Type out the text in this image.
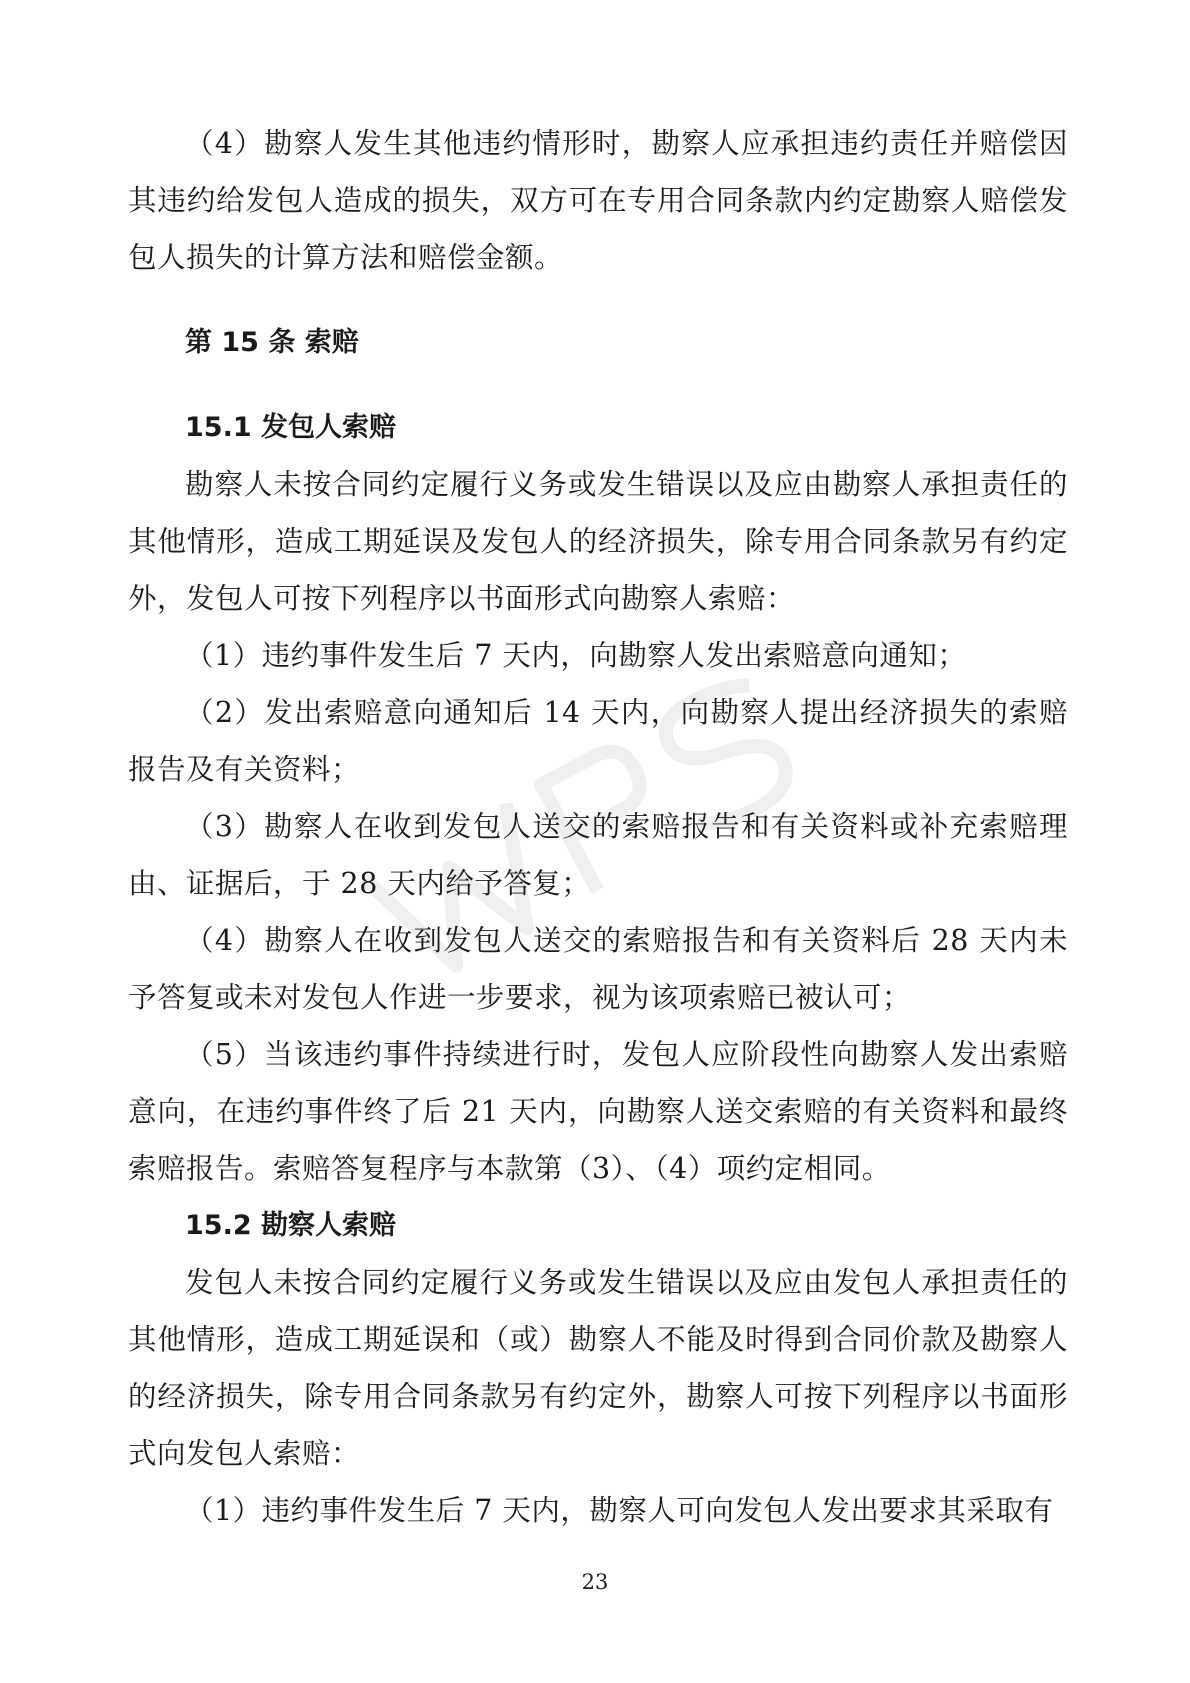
（4）勘察人发生其他违约情形时，勘察人应承担违约责任并赔偿因其违约给发包人造成的损失，双方可在专用合同条款内约定勘察人赔偿发包人损失的计算方法和赔偿金额。

第 15 条 索赔

15.1 发包人索赔

勘察人未按合同约定履行义务或发生错误以及应由勘察人承担责任的其他情形，造成工期延误及发包人的经济损失，除专用合同条款另有约定外，发包人可按下列程序以书面形式向勘察人索赔：

（1）违约事件发生后 7 天内，向勘察人发出索赔意向通知；

（2）发出索赔意向通知后 14 天内，向勘察人提出经济损失的索赔报告及有关资料；

（3）勘察人在收到发包人送交的索赔报告和有关资料或补充索赔理由、证据后，于 28 天内给予答复；

（4）勘察人在收到发包人送交的索赔报告和有关资料后 28 天内未予答复或未对发包人作进一步要求，视为该项索赔已被认可；

（5）当该违约事件持续进行时，发包人应阶段性向勘察人发出索赔意向，在违约事件终了后 21 天内，向勘察人送交索赔的有关资料和最终索赔报告。索赔答复程序与本款第（3）、（4）项约定相同。

15.2 勘察人索赔

发包人未按合同约定履行义务或发生错误以及应由发包人承担责任的其他情形，造成工期延误和（或）勘察人不能及时得到合同价款及勘察人的经济损失，除专用合同条款另有约定外，勘察人可按下列程序以书面形式向发包人索赔：

（1）违约事件发生后 7 天内，勘察人可向发包人发出要求其采取有

23
